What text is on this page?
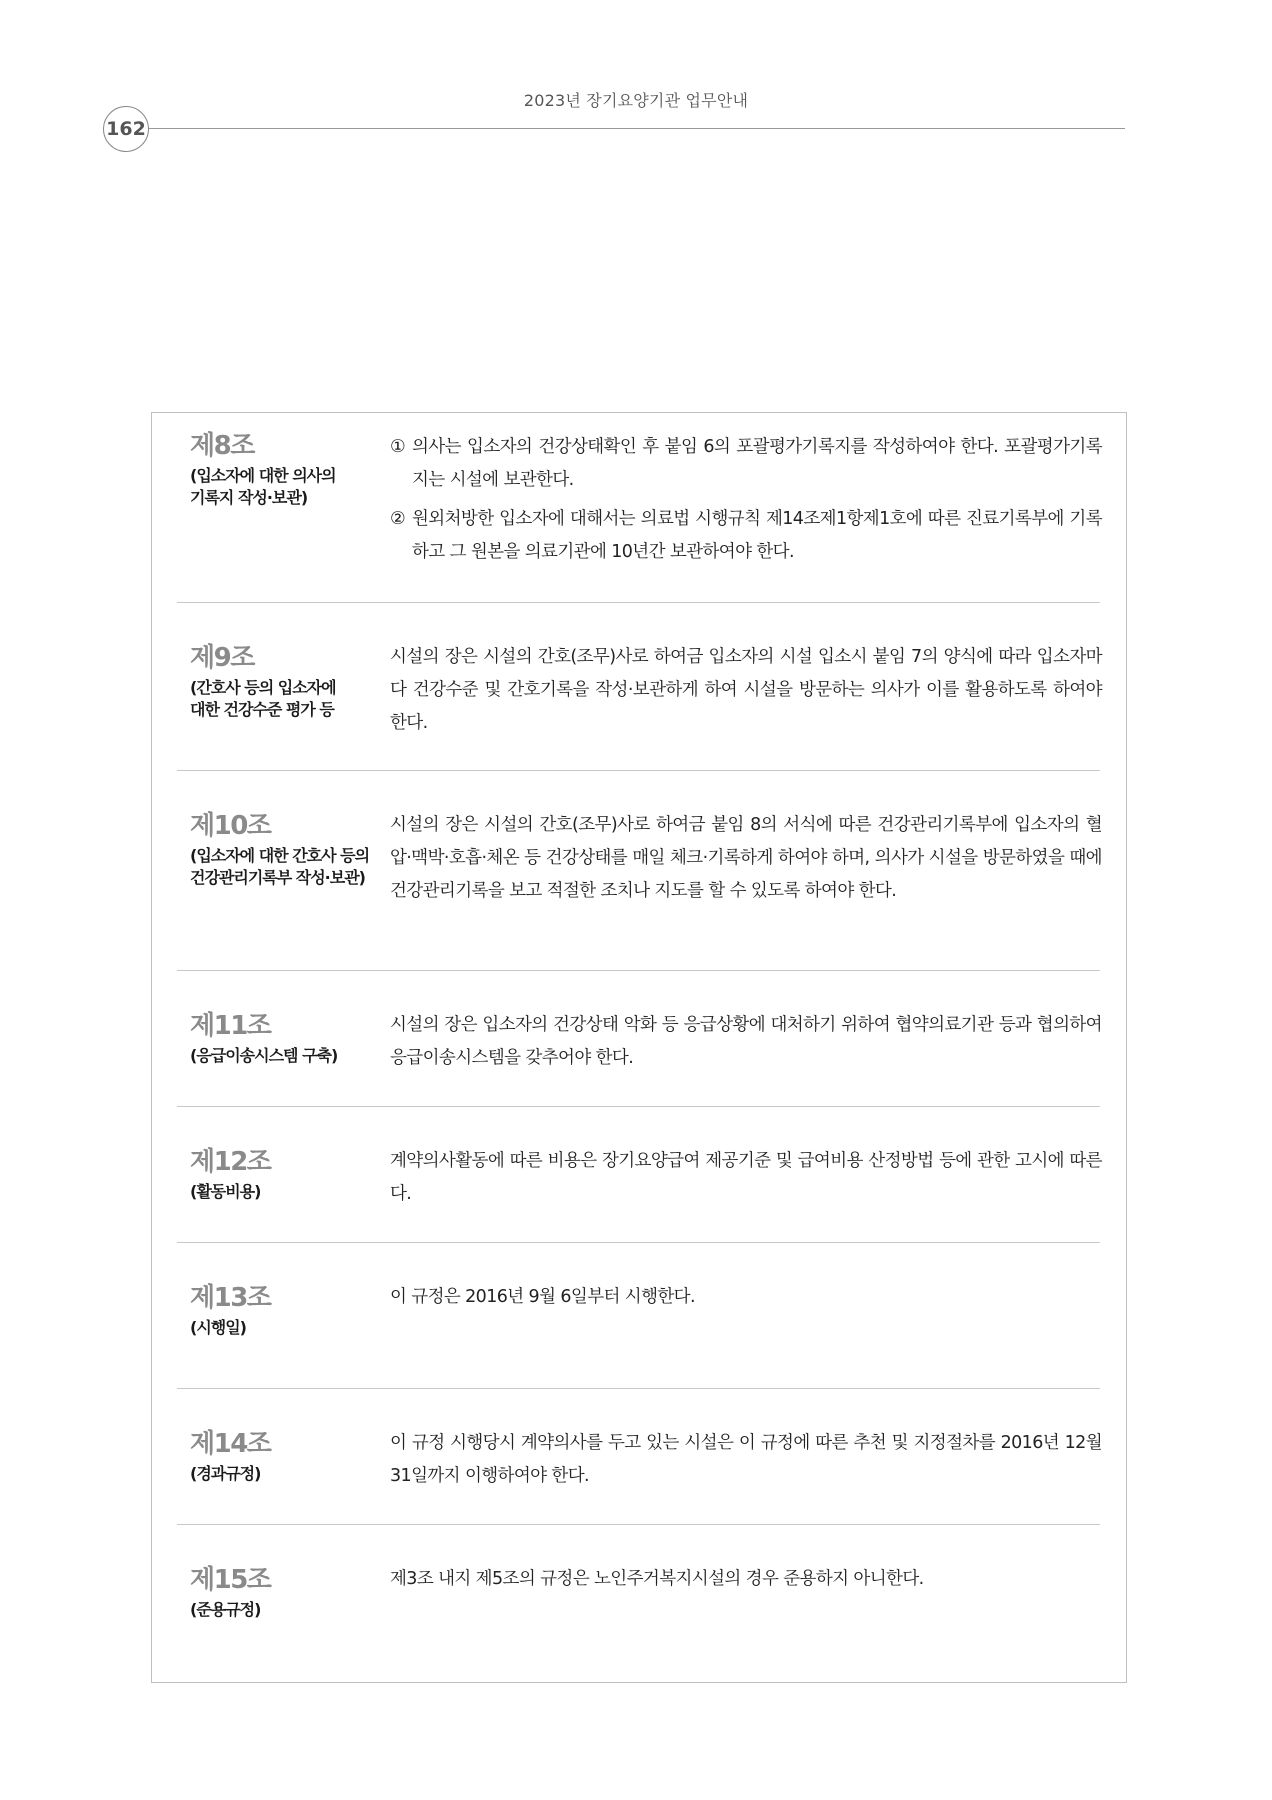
2023년 장기요양기관 업무안내
162
제8조
(입소자에 대한 의사의
기록지 작성·보관)
① 의사는 입소자의 건강상태확인 후 붙임 6의 포괄평가기록지를 작성하여야 한다. 포괄평가기록지는 시설에 보관한다.
② 원외처방한 입소자에 대해서는 의료법 시행규칙 제14조제1항제1호에 따른 진료기록부에 기록하고 그 원본을 의료기관에 10년간 보관하여야 한다.
제9조
(간호사 등의 입소자에
대한 건강수준 평가 등
시설의 장은 시설의 간호(조무)사로 하여금 입소자의 시설 입소시 붙임 7의 양식에 따라 입소자마다 건강수준 및 간호기록을 작성·보관하게 하여 시설을 방문하는 의사가 이를 활용하도록 하여야 한다.
제10조
(입소자에 대한 간호사 등의
건강관리기록부 작성·보관)
시설의 장은 시설의 간호(조무)사로 하여금 붙임 8의 서식에 따른 건강관리기록부에 입소자의 혈압·맥박·호흡·체온 등 건강상태를 매일 체크·기록하게 하여야 하며, 의사가 시설을 방문하였을 때에 건강관리기록을 보고 적절한 조치나 지도를 할 수 있도록 하여야 한다.
제11조
(응급이송시스템 구축)
시설의 장은 입소자의 건강상태 악화 등 응급상황에 대처하기 위하여 협약의료기관 등과 협의하여 응급이송시스템을 갖추어야 한다.
제12조
(활동비용)
계약의사활동에 따른 비용은 장기요양급여 제공기준 및 급여비용 산정방법 등에 관한 고시에 따른다.
제13조
(시행일)
이 규정은 2016년 9월 6일부터 시행한다.
제14조
(경과규정)
이 규정 시행당시 계약의사를 두고 있는 시설은 이 규정에 따른 추천 및 지정절차를 2016년 12월 31일까지 이행하여야 한다.
제15조
(준용규정)
제3조 내지 제5조의 규정은 노인주거복지시설의 경우 준용하지 아니한다.
